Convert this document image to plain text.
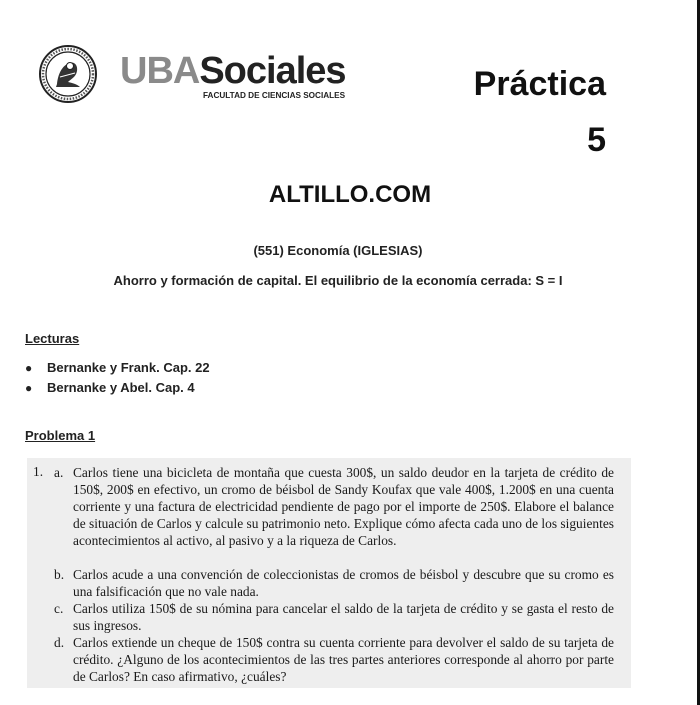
UBASociales
FACULTAD DE CIENCIAS SOCIALES	Práctica
5
ALTILLO.COM
(551) Economía (IGLESIAS)
Ahorro y formación de capital. El equilibrio de la economía cerrada: S = I
Lecturas
● Bernanke y Frank. Cap. 22
● Bernanke y Abel. Cap. 4
Problema 1
1. a. Carlos tiene una bicicleta de montaña que cuesta 300$, un saldo deudor en la tarjeta de crédito de 150$, 200$ en efectivo, un cromo de béisbol de Sandy Koufax que vale 400$, 1.200$ en una cuenta corriente y una factura de electricidad pendiente de pago por el importe de 250$. Elabore el balance de situación de Carlos y calcule su patrimonio neto. Explique cómo afecta cada uno de los siguientes acontecimientos al activo, al pasivo y a la riqueza de Carlos.
b. Carlos acude a una convención de coleccionistas de cromos de béisbol y descubre que su cromo es una falsificación que no vale nada.
c. Carlos utiliza 150$ de su nómina para cancelar el saldo de la tarjeta de crédito y se gasta el resto de sus ingresos.
d. Carlos extiende un cheque de 150$ contra su cuenta corriente para devolver el saldo de su tarjeta de crédito. ¿Alguno de los acontecimientos de las tres partes anteriores corresponde al ahorro por parte de Carlos? En caso afirmativo, ¿cuáles?
